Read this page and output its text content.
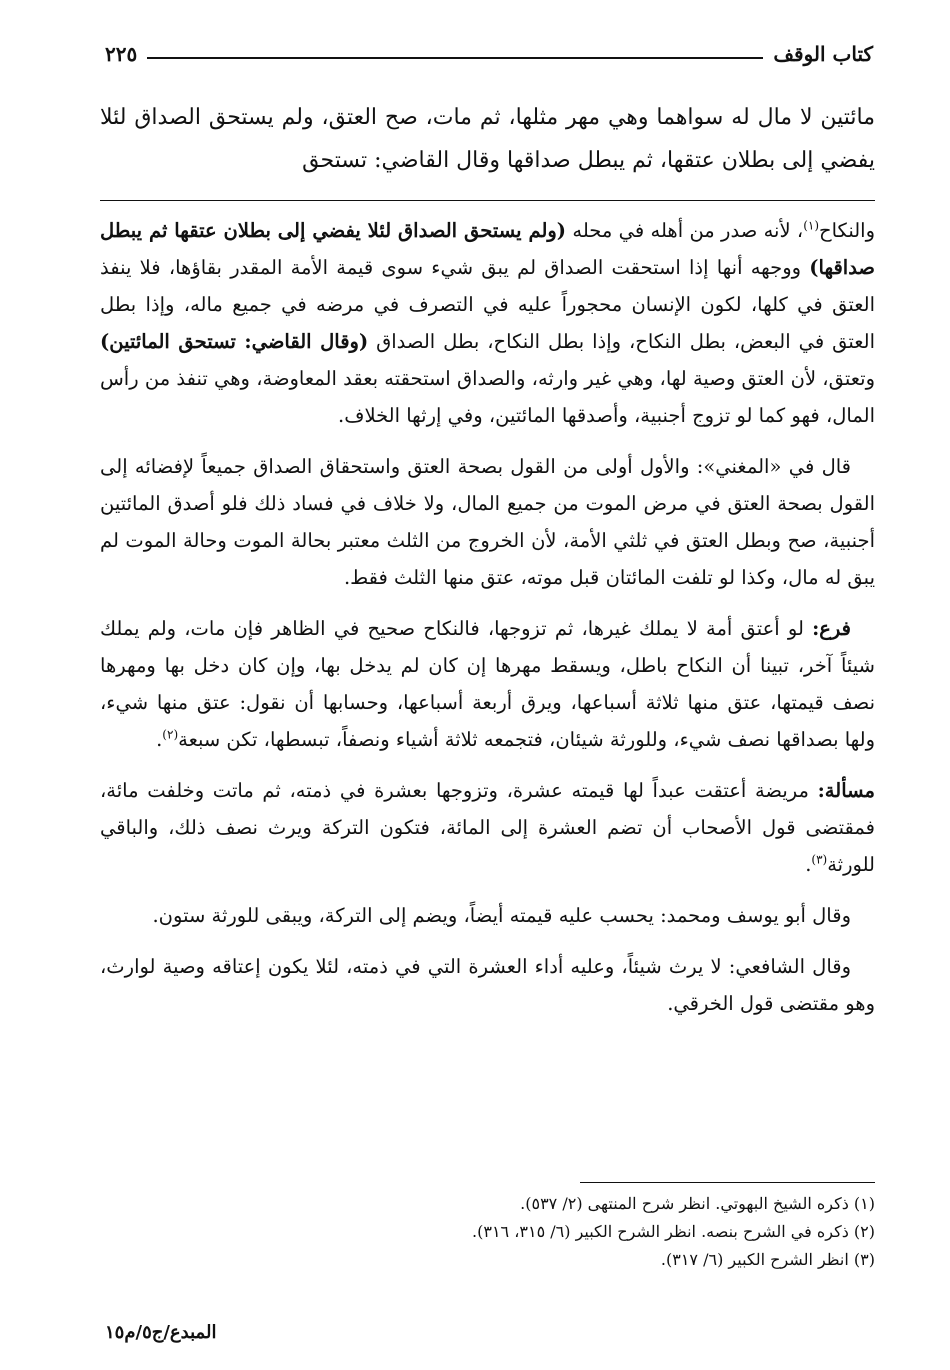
كتاب الوقف
٢٢٥
مائتين لا مال له سواهما وهي مهر مثلها، ثم مات، صح العتق، ولم يستحق الصداق لئلا يفضي إلى بطلان عتقها، ثم يبطل صداقها وقال القاضي: تستحق

والنكاح$^{(١)}$، لأنه صدر من أهله في محله (ولم يستحق الصداق لئلا يفضي إلى بطلان عتقها ثم يبطل صداقها) ووجهه أنها إذا استحقت الصداق لم يبق شيء سوى قيمة الأمة المقدر بقاؤها، فلا ينفذ العتق في كلها، لكون الإنسان محجوراً عليه في التصرف في مرضه في جميع ماله، وإذا بطل العتق في البعض، بطل النكاح، وإذا بطل النكاح، بطل الصداق (وقال القاضي: تستحق المائتين) وتعتق، لأن العتق وصية لها، وهي غير وارثه، والصداق استحقته بعقد المعاوضة، وهي تنفذ من رأس المال، فهو كما لو تزوج أجنبية، وأصدقها المائتين، وفي إرثها الخلاف.

قال في «المغني»: والأول أولى من القول بصحة العتق واستحقاق الصداق جميعاً لإفضائه إلى القول بصحة العتق في مرض الموت من جميع المال، ولا خلاف في فساد ذلك فلو أصدق المائتين أجنبية، صح وبطل العتق في ثلثي الأمة، لأن الخروج من الثلث معتبر بحالة الموت وحالة الموت لم يبق له مال، وكذا لو تلفت المائتان قبل موته، عتق منها الثلث فقط.

فرع: لو أعتق أمة لا يملك غيرها، ثم تزوجها، فالنكاح صحيح في الظاهر فإن مات، ولم يملك شيئاً آخر، تبينا أن النكاح باطل، ويسقط مهرها إن كان لم يدخل بها، وإن كان دخل بها ومهرها نصف قيمتها، عتق منها ثلاثة أسباعها، ويرق أربعة أسباعها، وحسابها أن نقول: عتق منها شيء، ولها بصداقها نصف شيء، وللورثة شيئان، فتجمعه ثلاثة أشياء ونصفاً، تبسطها، تكن سبعة$^{(٢)}$.

مسألة: مريضة أعتقت عبداً لها قيمته عشرة، وتزوجها بعشرة في ذمته، ثم ماتت وخلفت مائة، فمقتضى قول الأصحاب أن تضم العشرة إلى المائة، فتكون التركة ويرث نصف ذلك، والباقي للورثة$^{(٣)}$.

وقال أبو يوسف ومحمد: يحسب عليه قيمته أيضاً، ويضم إلى التركة، ويبقى للورثة ستون.

وقال الشافعي: لا يرث شيئاً، وعليه أداء العشرة التي في ذمته، لئلا يكون إعتاقه وصية لوارث، وهو مقتضى قول الخرقي.

(١) ذكره الشيخ البهوتي. انظر شرح المنتهى (٢/ ٥٣٧).
(٢) ذكره في الشرح بنصه. انظر الشرح الكبير (٦/ ٣١٥، ٣١٦).
(٣) انظر الشرح الكبير (٦/ ٣١٧).
المبدع/ج٥/م١٥
